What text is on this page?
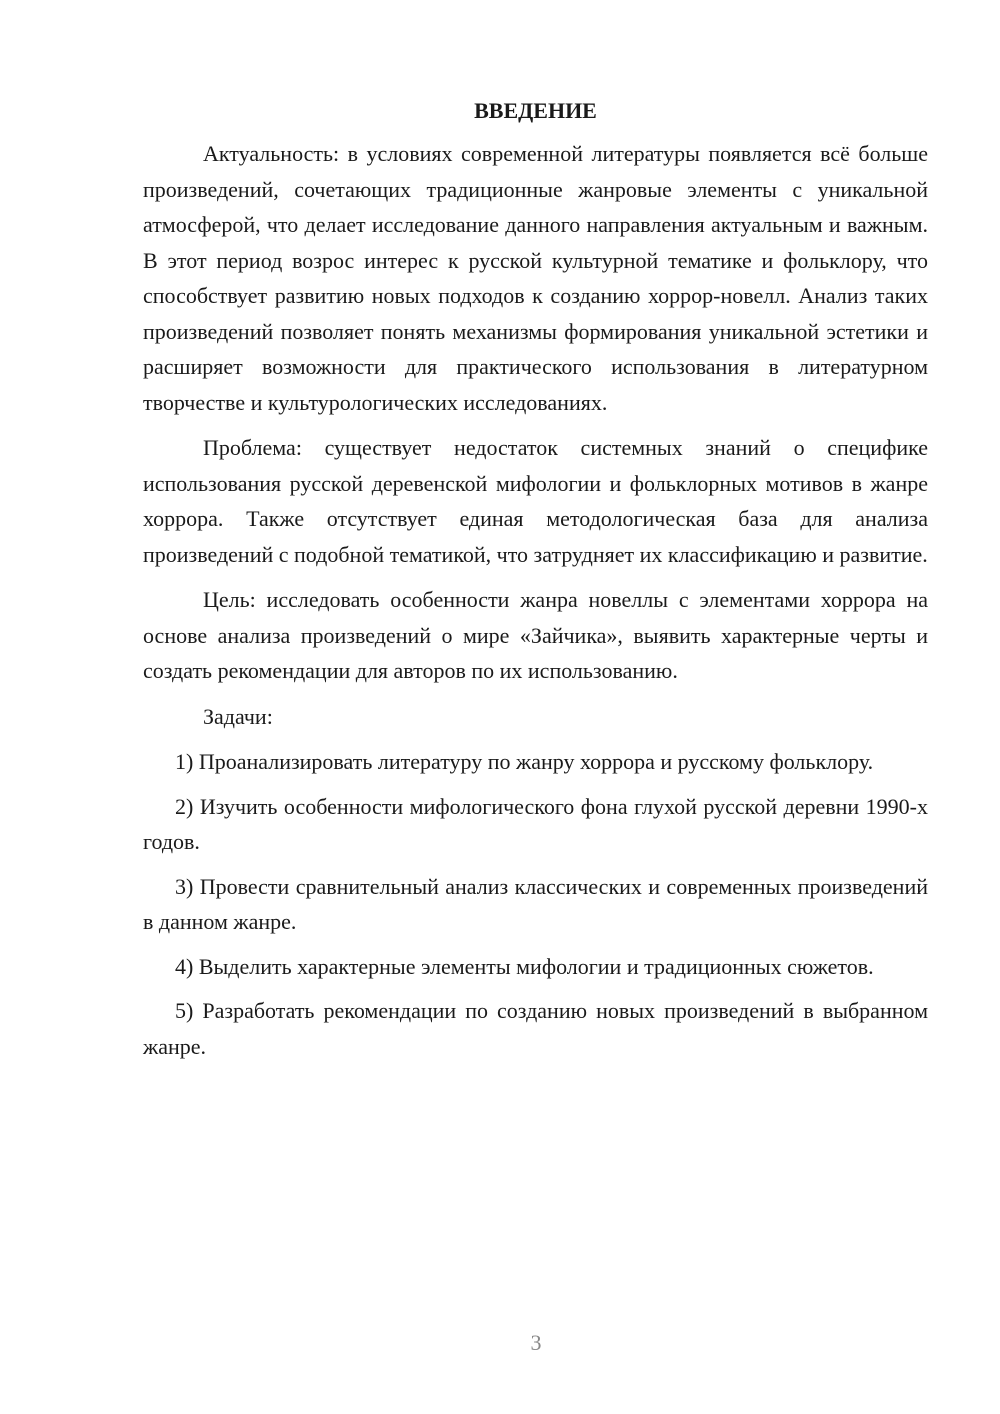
ВВЕДЕНИЕ

Актуальность: в условиях современной литературы появляется всё больше произведений, сочетающих традиционные жанровые элементы с уникальной атмосферой, что делает исследование данного направления актуальным и важным. В этот период возрос интерес к русской культурной тематике и фольклору, что способствует развитию новых подходов к созданию хоррор-новелл. Анализ таких произведений позволяет понять механизмы формирования уникальной эстетики и расширяет возможности для практического использования в литературном творчестве и культурологических исследованиях.

Проблема: существует недостаток системных знаний о специфике использования русской деревенской мифологии и фольклорных мотивов в жанре хоррора. Также отсутствует единая методологическая база для анализа произведений с подобной тематикой, что затрудняет их классификацию и развитие.

Цель: исследовать особенности жанра новеллы с элементами хоррора на основе анализа произведений о мире «Зайчика», выявить характерные черты и создать рекомендации для авторов по их использованию.

Задачи:

1) Проанализировать литературу по жанру хоррора и русскому фольклору.

2) Изучить особенности мифологического фона глухой русской деревни 1990-х годов.

3) Провести сравнительный анализ классических и современных произведений в данном жанре.

4) Выделить характерные элементы мифологии и традиционных сюжетов.

5) Разработать рекомендации по созданию новых произведений в выбранном жанре.

3
